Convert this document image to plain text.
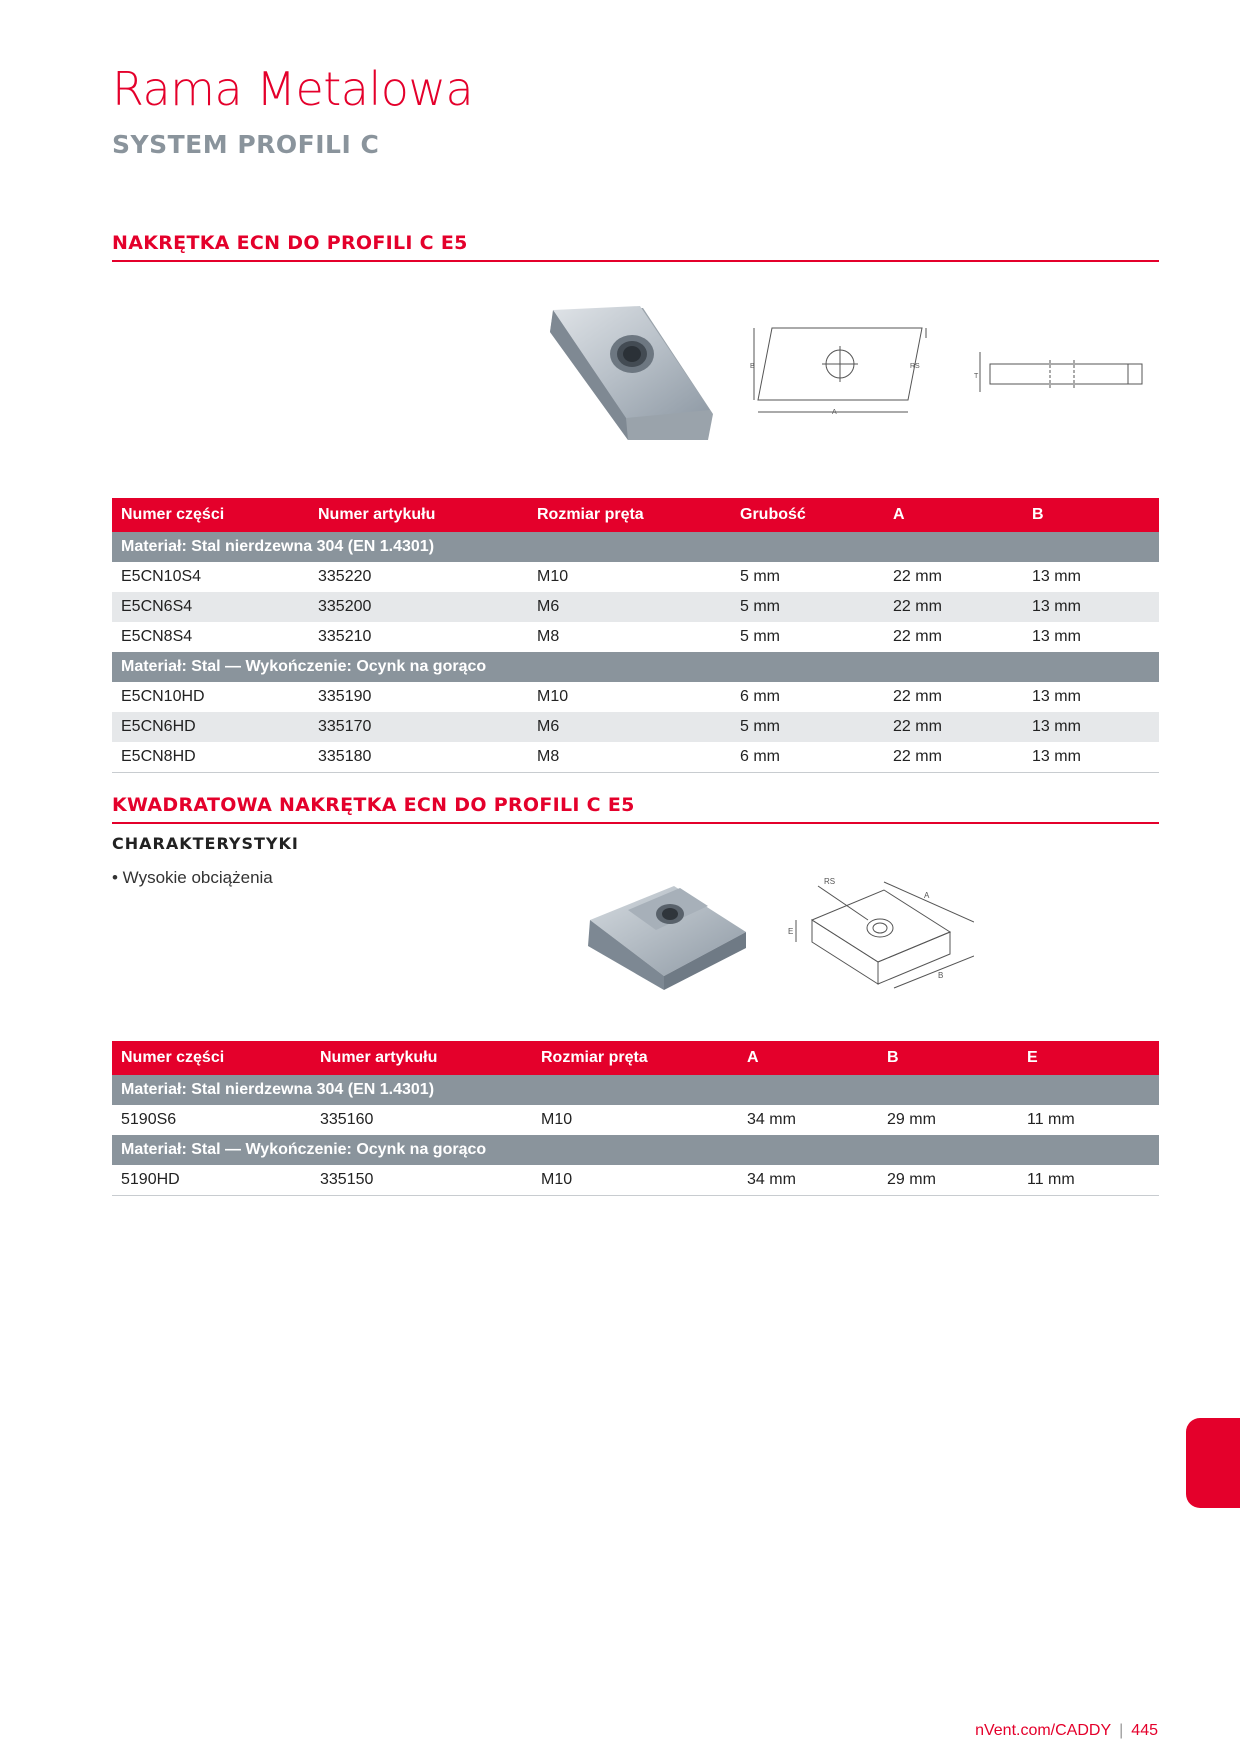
Rama Metalowa
SYSTEM PROFILI C
NAKRĘTKA ECN DO PROFILI C E5
B
A
RS
T
Numer części	Numer artykułu	Rozmiar pręta	Grubość	A	B
Materiał: Stal nierdzewna 304 (EN 1.4301)					
E5CN10S4	335220	M10	5 mm	22 mm	13 mm
E5CN6S4	335200	M6	5 mm	22 mm	13 mm
E5CN8S4	335210	M8	5 mm	22 mm	13 mm
Materiał: Stal — Wykończenie: Ocynk na gorąco					
E5CN10HD	335190	M10	6 mm	22 mm	13 mm
E5CN6HD	335170	M6	5 mm	22 mm	13 mm
E5CN8HD	335180	M8	6 mm	22 mm	13 mm
KWADRATOWA NAKRĘTKA ECN DO PROFILI C E5
CHARAKTERYSTYKI
• Wysokie obciążenia	RS
A
B
E
Numer części	Numer artykułu	Rozmiar pręta	A	B	E
Materiał: Stal nierdzewna 304 (EN 1.4301)					
5190S6	335160	M10	34 mm	29 mm	11 mm
Materiał: Stal — Wykończenie: Ocynk na gorąco					
5190HD	335150	M10	34 mm	29 mm	11 mm
nVent.com/CADDY | 445
